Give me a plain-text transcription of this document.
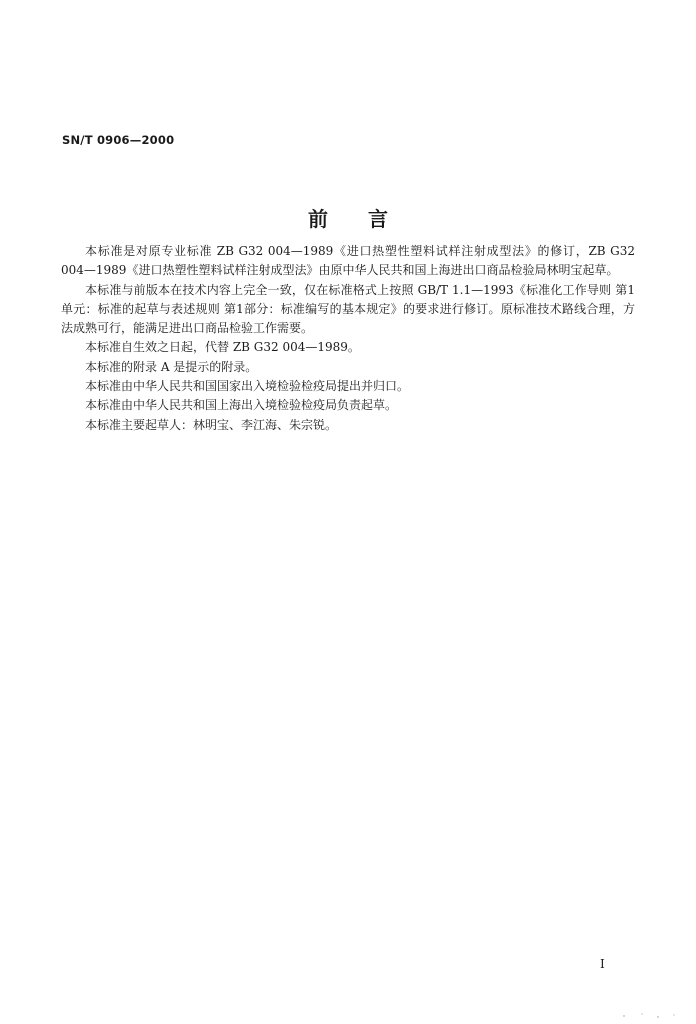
SN/T 0906—2000
前言

本标准是对原专业标准 ZB G32 004—1989《进口热塑性塑料试样注射成型法》的修订，ZB G32 004—1989《进口热塑性塑料试样注射成型法》由原中华人民共和国上海进出口商品检验局林明宝起草。

本标准与前版本在技术内容上完全一致，仅在标准格式上按照 GB/T 1.1—1993《标准化工作导则 第1单元：标准的起草与表述规则 第1部分：标准编写的基本规定》的要求进行修订。原标准技术路线合理，方法成熟可行，能满足进出口商品检验工作需要。

本标准自生效之日起，代替 ZB G32 004—1989。

本标准的附录 A 是提示的附录。

本标准由中华人民共和国国家出入境检验检疫局提出并归口。

本标准由中华人民共和国上海出入境检验检疫局负责起草。

本标准主要起草人：林明宝、李江海、朱宗锐。

I
